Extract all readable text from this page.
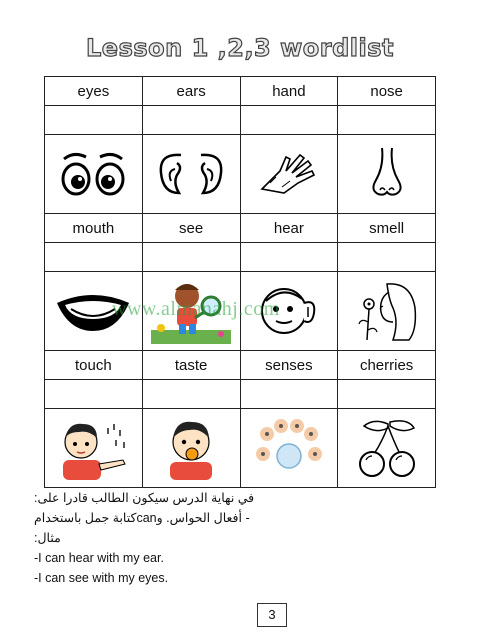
Lesson 1 ,2,3 wordlist
eyes	ears	hand	nose

mouth	see	hear	smell

touch	taste	senses	cherries

www.almanahj.com
في نهاية الدرس سيكون الطالب قادرا على:
- أفعال الحواس. وcanكتابة جمل باستخدام
مثال:
-I can hear with my ear.
-I can see with my eyes.
3
